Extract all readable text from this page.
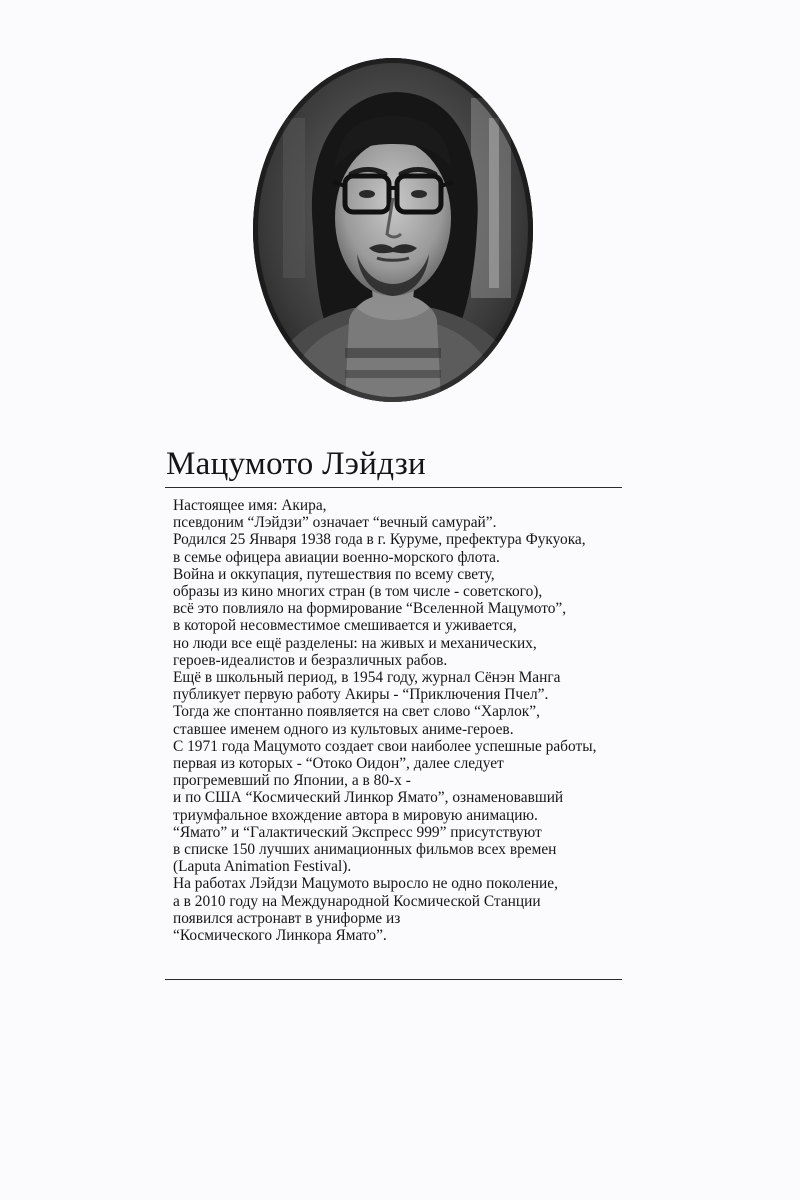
Мацумото Лэйдзи
Настоящее имя: Акира,
псевдоним “Лэйдзи” означает “вечный самурай”.
Родился 25 Января 1938 года в г. Куруме, префектура Фукуока,
в семье офицера авиации военно-морского флота.
Война и оккупация, путешествия по всему свету,
образы из кино многих стран (в том числе - советского),
всё это повлияло на формирование “Вселенной Мацумото”,
в которой несовместимое смешивается и уживается,
но люди все ещё разделены: на живых и механических,
героев-идеалистов и безразличных рабов.
Ещё в школьный период, в 1954 году, журнал Сёнэн Манга
публикует первую работу Акиры - “Приключения Пчел”.
Тогда же спонтанно появляется на свет слово “Харлок”,
ставшее именем одного из культовых аниме-героев.
С 1971 года Мацумото создает свои наиболее успешные работы,
первая из которых - “Отоко Оидон”, далее следует
прогремевший по Японии, а в 80-х -
и по США “Космический Линкор Ямато”, ознаменовавший
триумфальное вхождение автора в мировую анимацию.
“Ямато” и “Галактический Экспресс 999” присутствуют
в списке 150 лучших анимационных фильмов всех времен
(Laputa Animation Festival).
На работах Лэйдзи Мацумото выросло не одно поколение,
а в 2010 году на Международной Космической Станции
появился астронавт в униформе из
“Космического Линкора Ямато”.
